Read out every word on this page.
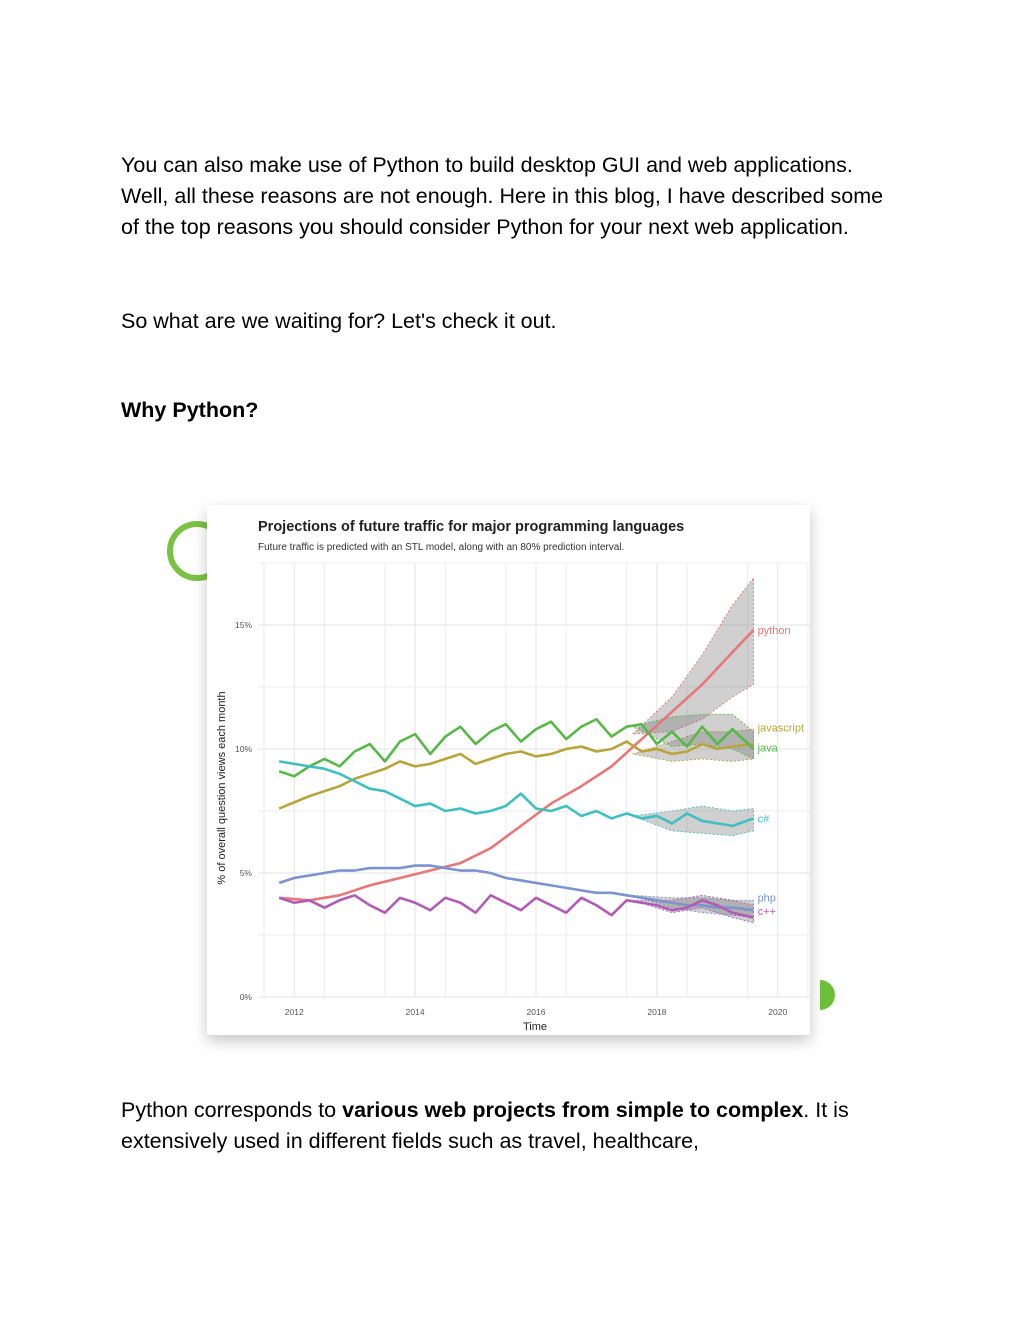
You can also make use of Python to build desktop GUI and web applications. Well, all these reasons are not enough. Here in this blog, I have described some of the top reasons you should consider Python for your next web application.

So what are we waiting for? Let's check it out.

Why Python?
Projections of future traffic for major programming languages
Future traffic is predicted with an STL model, along with an 80% prediction interval.
python
javascript
java
c#
php
c++
2012	2014	2016	2018	2020
0%
5%
10%
15%
Time
% of overall question views each month

Python corresponds to various web projects from simple to complex. It is extensively used in different fields such as travel, healthcare,
